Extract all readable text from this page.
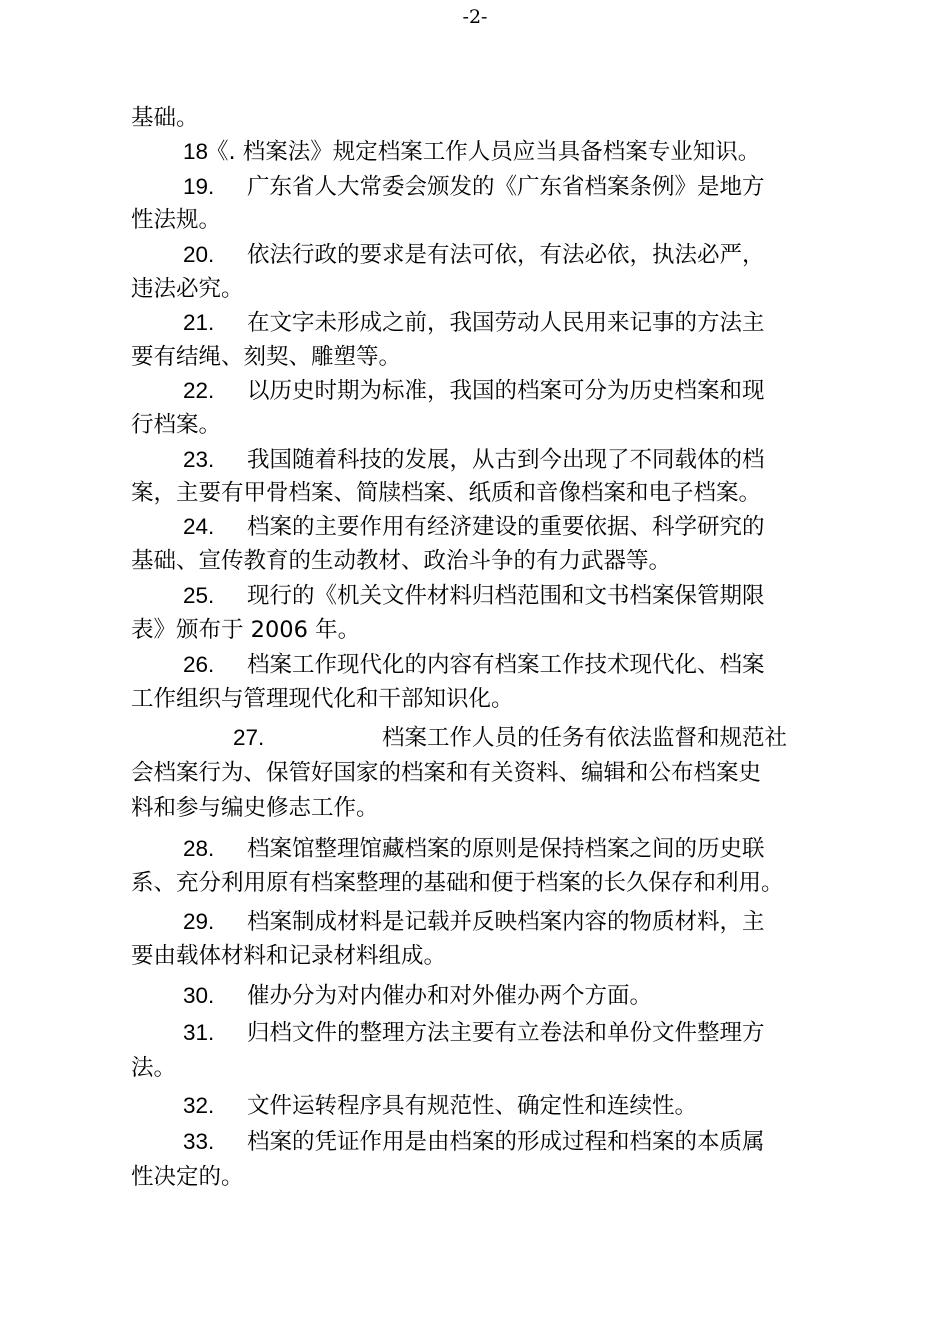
-2-
基础。
18
《. 档案法》规定档案工作人员应当具备档案专业知识。
19. 广东省人大常委会颁发的《广东省档案条例》是地方
性法规。
20. 依法行政的要求是有法可依，有法必依，执法必严，
违法必究。
21. 在文字未形成之前，我国劳动人民用来记事的方法主
要有结绳、刻契、雕塑等。
22. 以历史时期为标准，我国的档案可分为历史档案和现
行档案。
23. 我国随着科技的发展，从古到今出现了不同载体的档
案，主要有甲骨档案、简牍档案、纸质和音像档案和电子档案。
24. 档案的主要作用有经济建设的重要依据、科学研究的
基础、宣传教育的生动教材、政治斗争的有力武器等。
25. 现行的《机关文件材料归档范围和文书档案保管期限
表》颁布于 2006 年。
26. 档案工作现代化的内容有档案工作技术现代化、档案
工作组织与管理现代化和干部知识化。
27.	档案工作人员的任务有依法监督和规范社
会档案行为、保管好国家的档案和有关资料、编辑和公布档案史
料和参与编史修志工作。
28. 档案馆整理馆藏档案的原则是保持档案之间的历史联
系、充分利用原有档案整理的基础和便于档案的长久保存和利用。
29. 档案制成材料是记载并反映档案内容的物质材料，主
要由载体材料和记录材料组成。
30. 催办分为对内催办和对外催办两个方面。
31. 归档文件的整理方法主要有立卷法和单份文件整理方
法。
32. 文件运转程序具有规范性、确定性和连续性。
33. 档案的凭证作用是由档案的形成过程和档案的本质属
性决定的。
